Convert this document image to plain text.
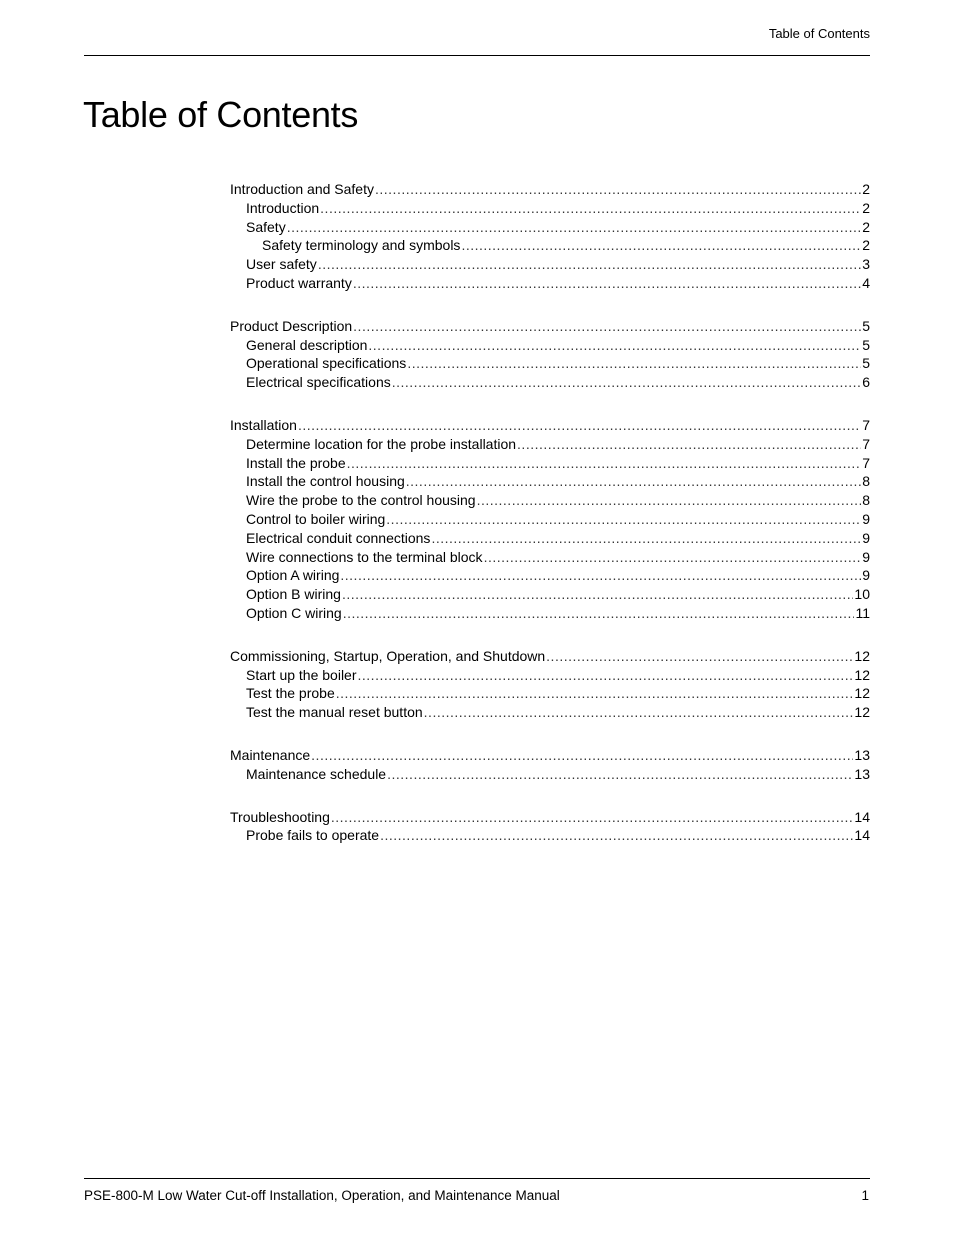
Table of Contents
Table of Contents
Introduction and Safety .....	2
Introduction .....	2
Safety .....	2
Safety terminology and symbols .....	2
User safety .....	3
Product warranty .....	4
Product Description .....	5
General description .....	5
Operational specifications .....	5
Electrical specifications .....	6
Installation .....	7
Determine location for the probe installation .....	7
Install the probe .....	7
Install the control housing .....	8
Wire the probe to the control housing .....	8
Control to boiler wiring .....	9
Electrical conduit connections .....	9
Wire connections to the terminal block .....	9
Option A wiring .....	9
Option B wiring .....	10
Option C wiring .....	11
Commissioning, Startup, Operation, and Shutdown .....	12
Start up the boiler .....	12
Test the probe .....	12
Test the manual reset button .....	12
Maintenance .....	13
Maintenance schedule .....	13
Troubleshooting .....	14
Probe fails to operate .....	14
PSE-800-M Low Water Cut-off Installation, Operation, and Maintenance Manual	1
